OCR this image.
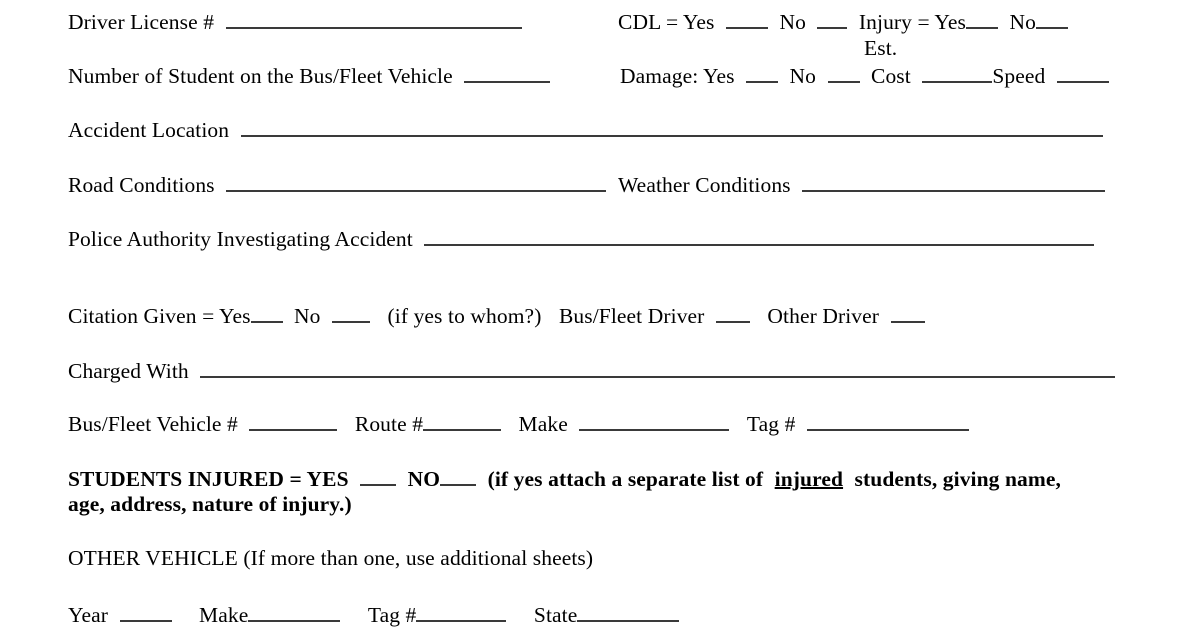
Driver License #	CDL = Yes	No Injury = Yes No
Est.
Number of Student on the Bus/Fleet Vehicle	Damage: Yes	No	Cost	Speed
Accident Location
Road Conditions	Weather Conditions
Police Authority Investigating Accident
Citation Given = Yes No	(if yes to whom?) Bus/Fleet Driver	Other Driver
Charged With
Bus/Fleet Vehicle #	Route #	Make	Tag #
STUDENTS INJURED = YES	NO (if yes attach a separate list of injured students, giving name,
age, address, nature of injury.)
OTHER VEHICLE (If more than one, use additional sheets)
Year	Make	Tag #	State
